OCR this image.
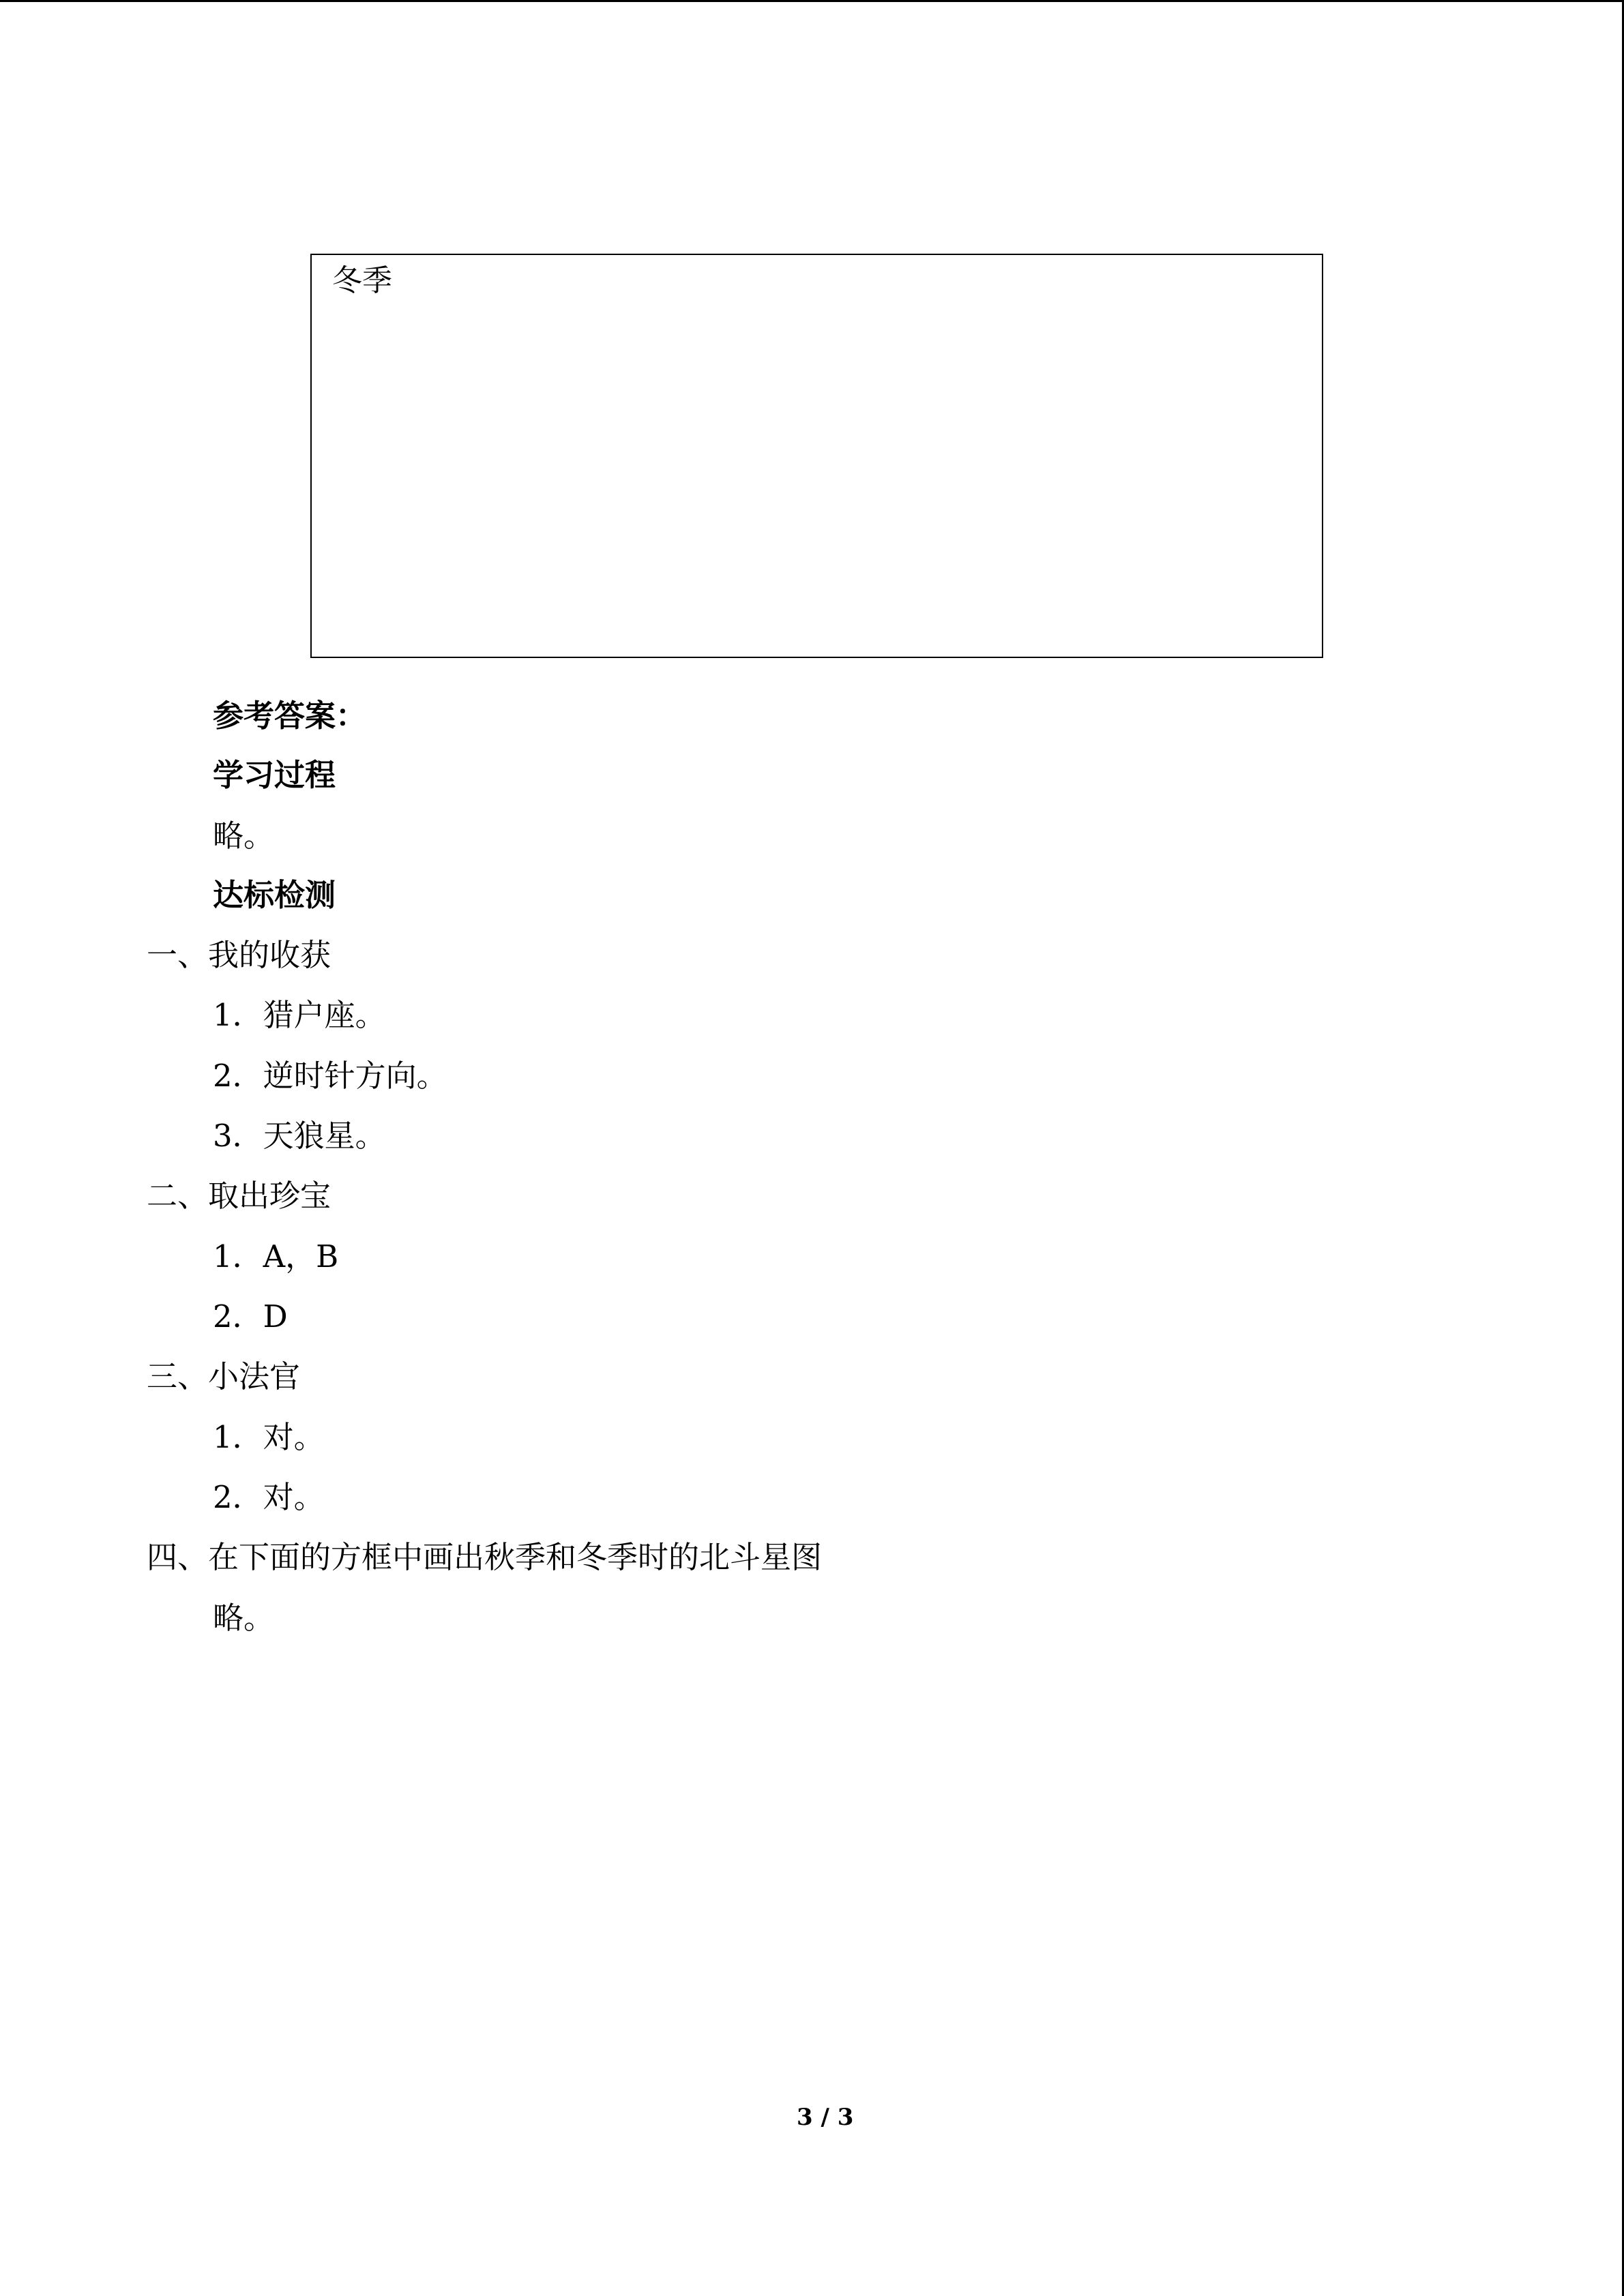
冬季
参考答案：
学习过程
略。
达标检测
一、我的收获
1．猎户座。
2．逆时针方向。
3．天狼星。
二、取出珍宝
1．A，B
2．D
三、小法官
1．对。
2．对。
四、在下面的方框中画出秋季和冬季时的北斗星图
略。
3 / 3
